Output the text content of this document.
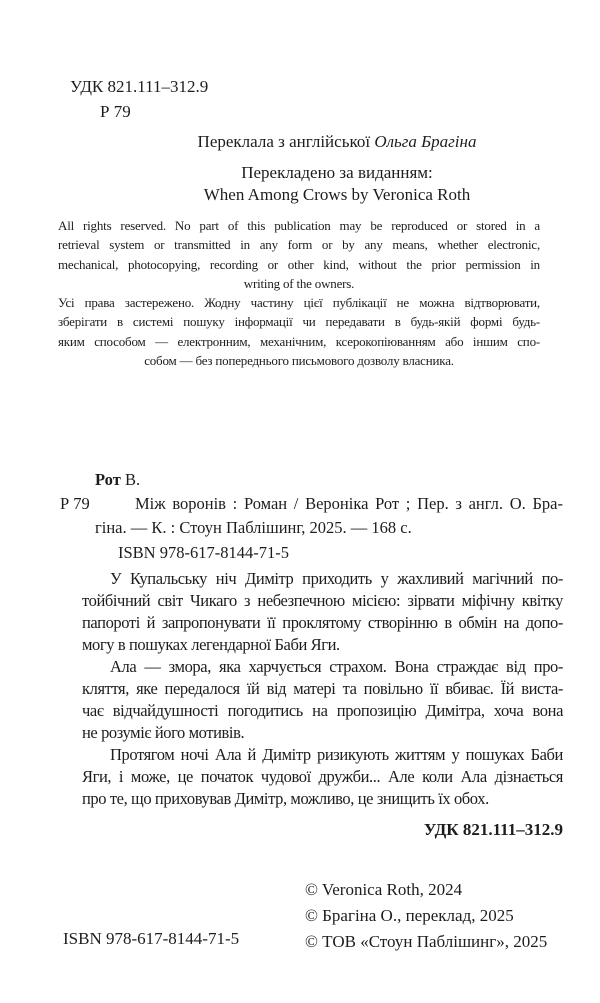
УДК 821.111–312.9
Р 79
Переклала з англійської Ольга Брагіна
Перекладено за виданням:
When Among Crows by Veronica Roth
All rights reserved. No part of this publication may be reproduced or stored in a
retrieval system or transmitted in any form or by any means, whether electronic,
mechanical, photocopying, recording or other kind, without the prior permission in
writing of the owners.
Усі права застережено. Жодну частину цієї публікації не можна відтворювати,
зберігати в системі пошуку інформації чи передавати в будь-якій формі будь-
яким способом — електронним, механічним, ксерокопіюванням або іншим спо-
собом — без попереднього письмового дозволу власника.
Рот В.
Р 79	Між воронів : Роман / Вероніка Рот ; Пер. з англ. О. Бра-
гіна. — К. : Стоун Паблішинг, 2025. — 168 с.
ISBN 978-617-8144-71-5
У Купальську ніч Димітр приходить у жахливий магічний по-
тойбічний світ Чикаго з небезпечною місією: зірвати міфічну квітку
папороті й запропонувати її проклятому створінню в обмін на допо-
могу в пошуках легендарної Баби Яги.
Ала — змора, яка харчується страхом. Вона страждає від про-
кляття, яке передалося їй від матері та повільно її вбиває. Їй виста-
чає відчайдушності погодитись на пропозицію Димітра, хоча вона
не розуміє його мотивів.
Протягом ночі Ала й Димітр ризикують життям у пошуках Баби
Яги, і може, це початок чудової дружби... Але коли Ала дізнається
про те, що приховував Димітр, можливо, це знищить їх обох.
УДК 821.111–312.9
© Veronica Roth, 2024
© Брагіна О., переклад, 2025
© ТОВ «Стоун Паблішинг», 2025
ISBN 978-617-8144-71-5
